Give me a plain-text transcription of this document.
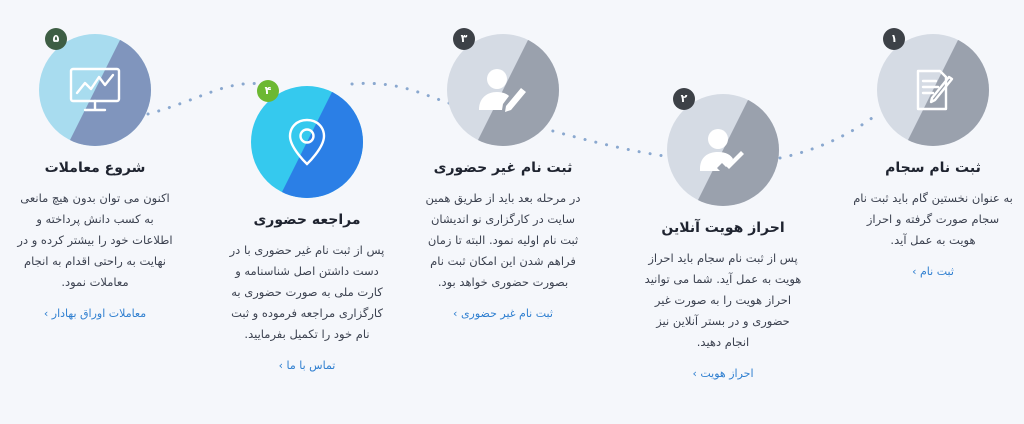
۱
ثبت نام سجام
به عنوان نخستین گام باید ثبت نام سجام صورت گرفته و احراز هویت به عمل آید.
ثبت نام ›
۲
احراز هویت آنلاین
پس از ثبت نام سجام باید احراز هویت به عمل آید. شما می توانید احراز هویت را به صورت غیر حضوری و در بستر آنلاین نیز انجام دهید.
احراز هویت ›
۳
ثبت نام غیر حضوری
در مرحله بعد باید از طریق همین سایت در کارگزاری نو اندیشان ثبت نام اولیه نمود. البته تا زمان فراهم شدن این امکان ثبت نام بصورت حضوری خواهد بود.
ثبت نام غیر حضوری ›
۴
مراجعه حضوری
پس از ثبت نام غیر حضوری با در دست داشتن اصل شناسنامه و کارت ملی به صورت حضوری به کارگزاری مراجعه فرموده و ثبت نام خود را تکمیل بفرمایید.
تماس با ما ›
۵
شروع معاملات
اکنون می توان بدون هیچ مانعی به کسب دانش پرداخته و اطلاعات خود را بیشتر کرده و در نهایت به راحتی اقدام به انجام معاملات نمود.
معاملات اوراق بهادار ›
